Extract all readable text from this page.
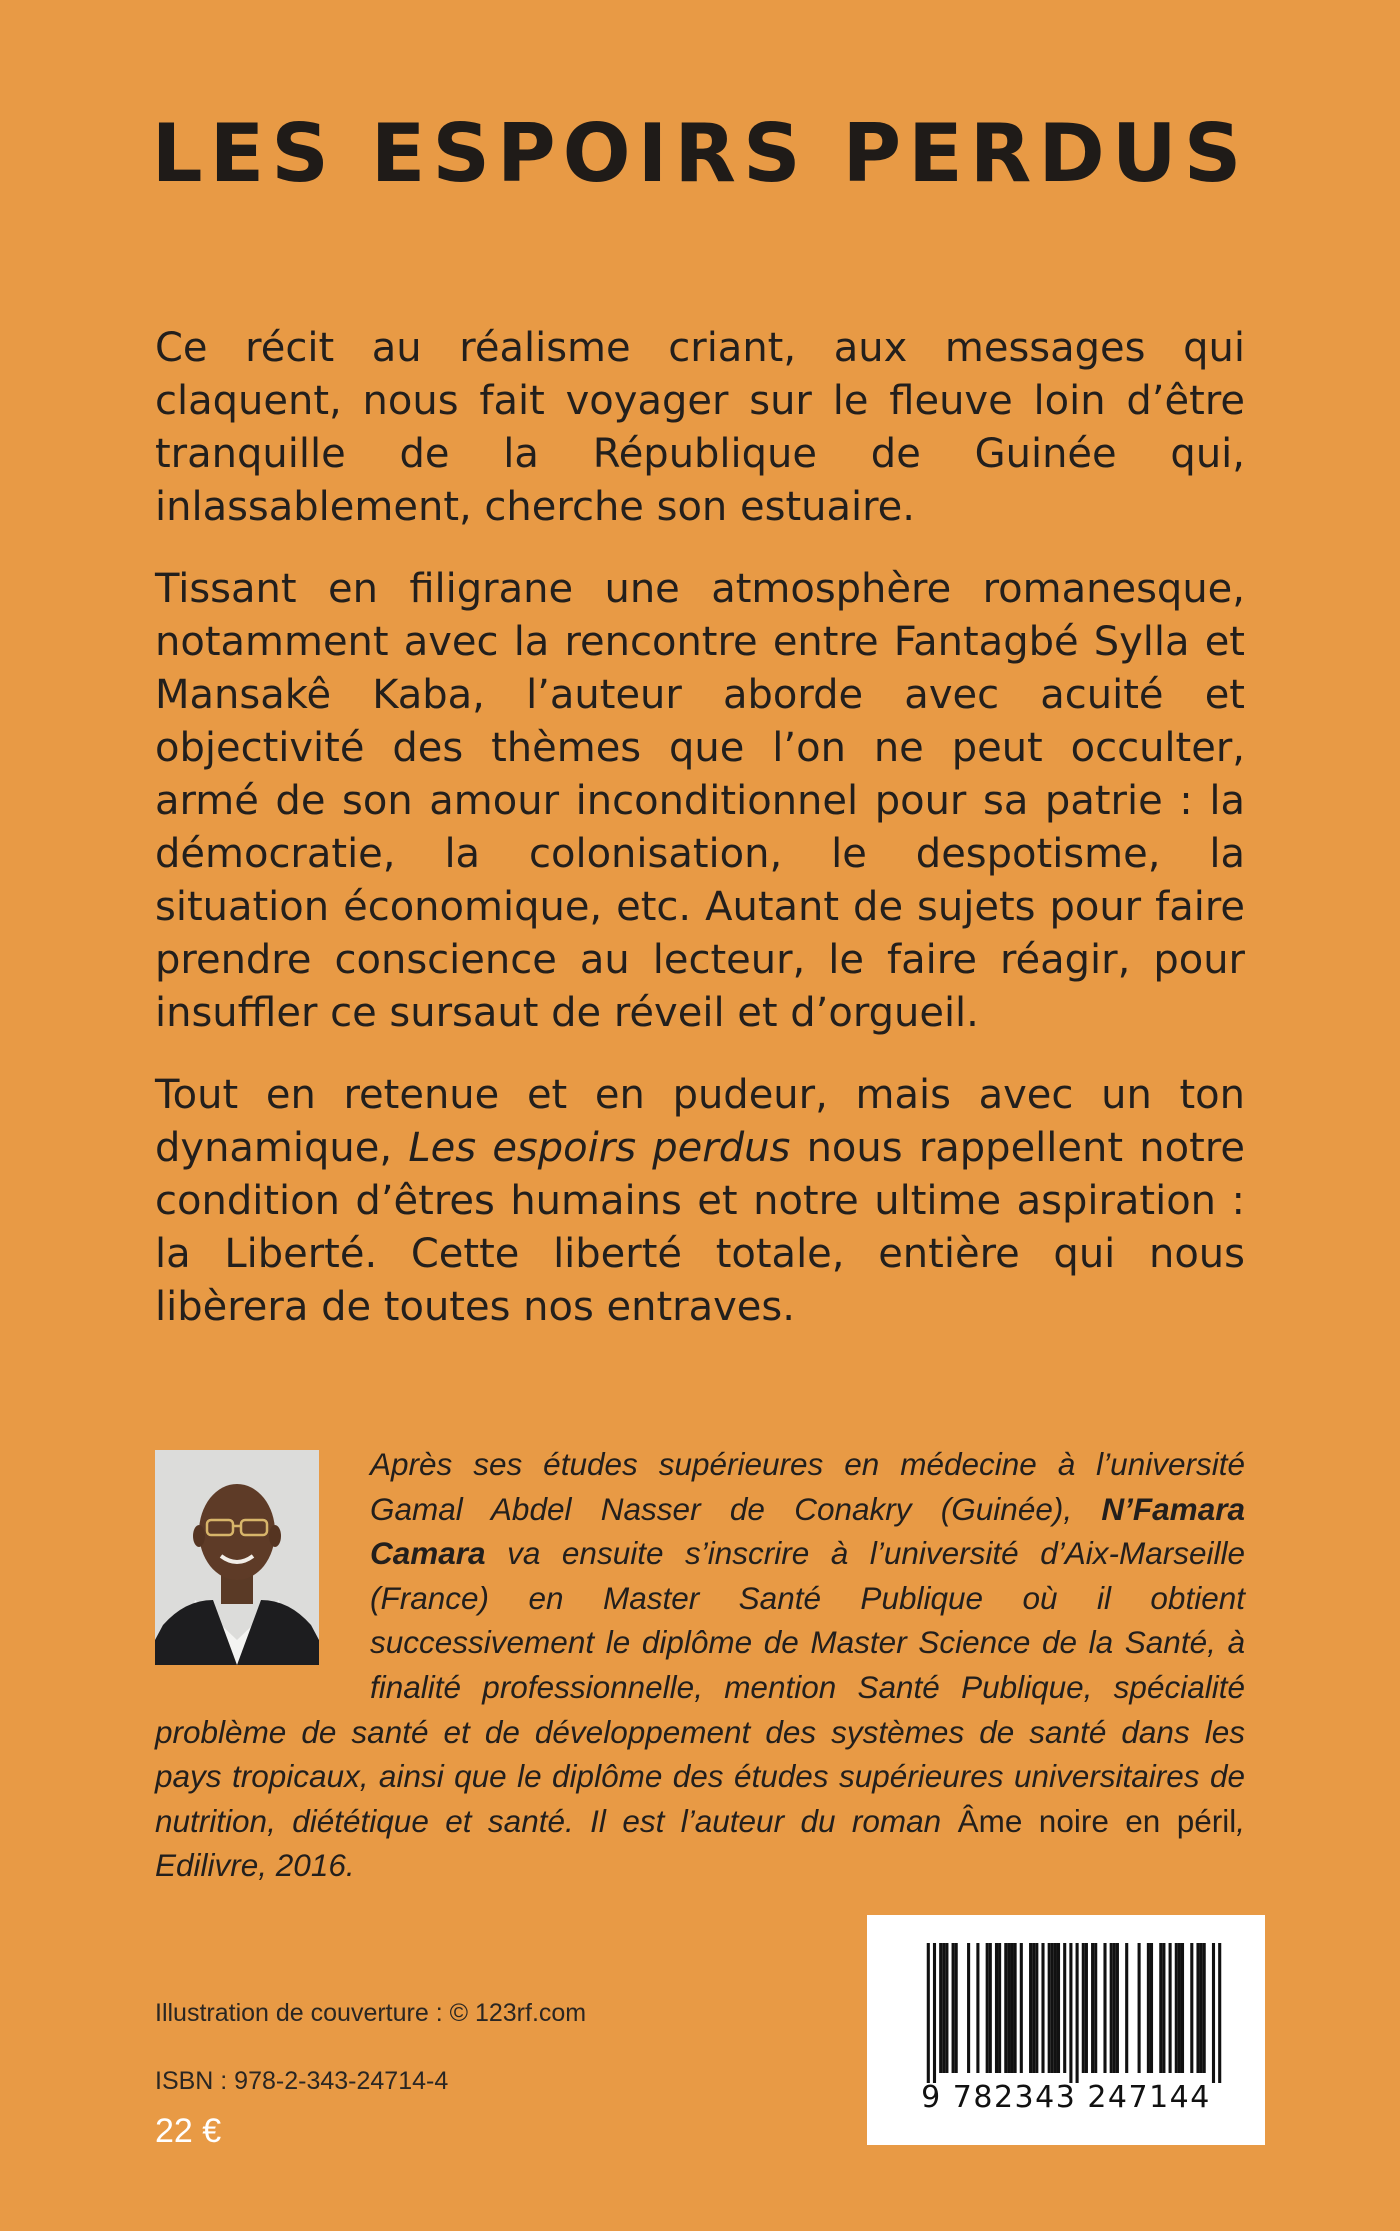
LES ESPOIRS PERDUS

Ce récit au réalisme criant, aux messages qui claquent, nous fait voyager sur le fleuve loin d’être tranquille de la République de Guinée qui, inlassablement, cherche son estuaire.

Tissant en filigrane une atmosphère romanesque, notamment avec la rencontre entre Fantagbé Sylla et Mansakê Kaba, l’auteur aborde avec acuité et objectivité des thèmes que l’on ne peut occulter, armé de son amour inconditionnel pour sa patrie : la démocratie, la colonisation, le despotisme, la situation économique, etc. Autant de sujets pour faire prendre conscience au lecteur, le faire réagir, pour insuffler ce sursaut de réveil et d’orgueil.

Tout en retenue et en pudeur, mais avec un ton dynamique, Les espoirs perdus nous rappellent notre condition d’êtres humains et notre ultime aspiration : la Liberté. Cette liberté totale, entière qui nous libèrera de toutes nos entraves.

Après ses études supérieures en médecine à l’université Gamal Abdel Nasser de Conakry (Guinée), N’Famara Camara va ensuite s’inscrire à l’université d’Aix-Marseille (France) en Master Santé Publique où il obtient successivement le diplôme de Master Science de la Santé, à finalité professionnelle, mention Santé Publique, spécialité problème de santé et de développement des systèmes de santé dans les pays tropicaux, ainsi que le diplôme des études supérieures universitaires de nutrition, diététique et santé. Il est l’auteur du roman Âme noire en péril, Edilivre, 2016.
Illustration de couverture : © 123rf.com
ISBN : 978-2-343-24714-4
22 €
9 782343 247144
